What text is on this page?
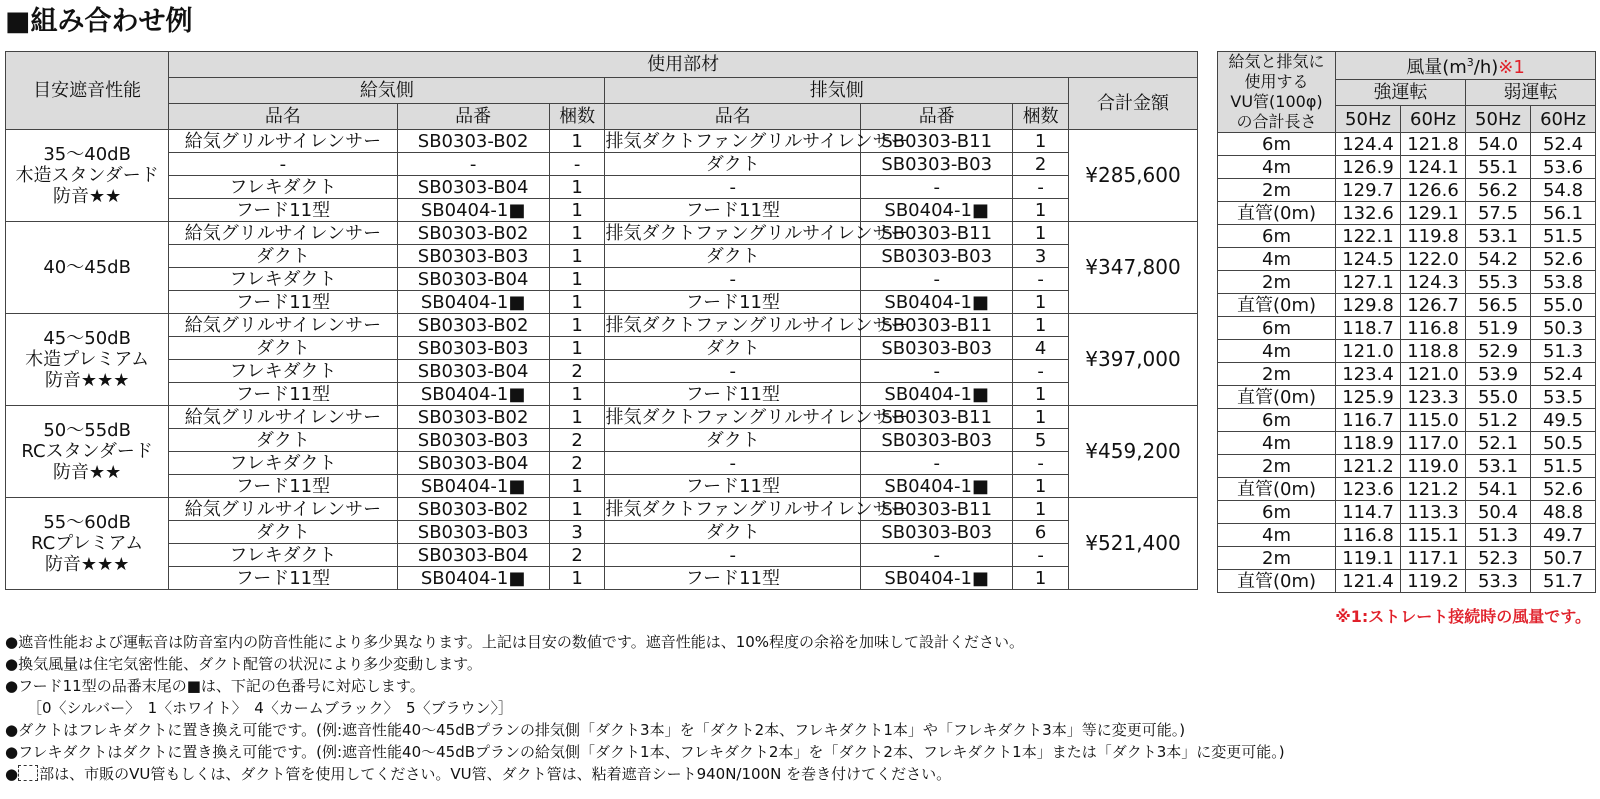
■組み合わせ例
目安遮音性能	使用部材						
	給気側			排気側			合計金額
	品名	品番	梱数	品名	品番	梱数	
35〜40dB
木造スタンダード
防音★★	給気グリルサイレンサー	SB0303-B02	1	排気ダクトファングリルサイレンサー	SB0303-B11	1	¥285,600
	-	-	-	ダクト	SB0303-B03	2	
	フレキダクト	SB0303-B04	1	-	-	-	
	フード11型	SB0404-1■	1	フード11型	SB0404-1■	1	
40〜45dB	給気グリルサイレンサー	SB0303-B02	1	排気ダクトファングリルサイレンサー	SB0303-B11	1	¥347,800
	ダクト	SB0303-B03	1	ダクト	SB0303-B03	3	
	フレキダクト	SB0303-B04	1	-	-	-	
	フード11型	SB0404-1■	1	フード11型	SB0404-1■	1	
45〜50dB
木造プレミアム
防音★★★	給気グリルサイレンサー	SB0303-B02	1	排気ダクトファングリルサイレンサー	SB0303-B11	1	¥397,000
	ダクト	SB0303-B03	1	ダクト	SB0303-B03	4	
	フレキダクト	SB0303-B04	2	-	-	-	
	フード11型	SB0404-1■	1	フード11型	SB0404-1■	1	
50〜55dB
RCスタンダード
防音★★	給気グリルサイレンサー	SB0303-B02	1	排気ダクトファングリルサイレンサー	SB0303-B11	1	¥459,200
	ダクト	SB0303-B03	2	ダクト	SB0303-B03	5	
	フレキダクト	SB0303-B04	2	-	-	-	
	フード11型	SB0404-1■	1	フード11型	SB0404-1■	1	
55〜60dB
RCプレミアム
防音★★★	給気グリルサイレンサー	SB0303-B02	1	排気ダクトファングリルサイレンサー	SB0303-B11	1	¥521,400
	ダクト	SB0303-B03	3	ダクト	SB0303-B03	6	
	フレキダクト	SB0303-B04	2	-	-	-	
	フード11型	SB0404-1■	1	フード11型	SB0404-1■	1	
給気と排気に
使用する
VU管(100φ)
の合計長さ	風量$(m^3/h)※1$			
	強運転		弱運転	
	50Hz	60Hz	50Hz	60Hz
6m	124.4	121.8	54.0	52.4
4m	126.9	124.1	55.1	53.6
2m	129.7	126.6	56.2	54.8
直管(0m)	132.6	129.1	57.5	56.1
6m	122.1	119.8	53.1	51.5
4m	124.5	122.0	54.2	52.6
2m	127.1	124.3	55.3	53.8
直管(0m)	129.8	126.7	56.5	55.0
6m	118.7	116.8	51.9	50.3
4m	121.0	118.8	52.9	51.3
2m	123.4	121.0	53.9	52.4
直管(0m)	125.9	123.3	55.0	53.5
6m	116.7	115.0	51.2	49.5
4m	118.9	117.0	52.1	50.5
2m	121.2	119.0	53.1	51.5
直管(0m)	123.6	121.2	54.1	52.6
6m	114.7	113.3	50.4	48.8
4m	116.8	115.1	51.3	49.7
2m	119.1	117.1	52.3	50.7
直管(0m)	121.4	119.2	53.3	51.7
※1:ストレート接続時の風量です。
●遮音性能および運転音は防音室内の防音性能により多少異なります。上記は目安の数値です。遮音性能は、10%程度の余裕を加味して設計ください。
●換気風量は住宅気密性能、ダクト配管の状況により多少変動します。
●フード11型の品番末尾の■は、下記の色番号に対応します。
［0〈シルバー〉　1〈ホワイト〉　4〈カームブラック〉　5〈ブラウン〉］
●ダクトはフレキダクトに置き換え可能です。(例:遮音性能40〜45dBプランの排気側「ダクト3本」を「ダクト2本、フレキダクト1本」や「フレキダクト3本」等に変更可能。)
●フレキダクトはダクトに置き換え可能です。(例:遮音性能40〜45dBプランの給気側「ダクト1本、フレキダクト2本」を「ダクト2本、フレキダクト1本」または「ダクト3本」に変更可能。)
● 部は、市販のVU管もしくは、ダクト管を使用してください。VU管、ダクト管は、粘着遮音シート940N/100N を巻き付けてください。
